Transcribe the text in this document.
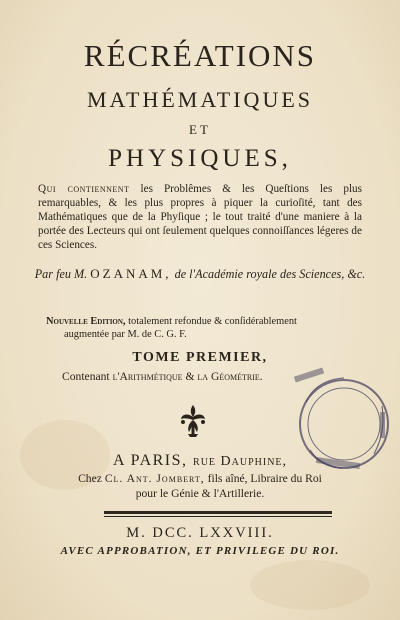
RÉCRÉATIONS
MATHÉMATIQUES
ET
PHYSIQUES,
Qui contiennent les Problêmes & les Queſtions les plus remarquables, & les plus propres à piquer la curioſité, tant des Mathématiques que de la Phyſique ; le tout traité d'une maniere à la portée des Lecteurs qui ont ſeulement quelques connoiſſances légeres de ces Sciences.
Par feu M. OZANAM, de l'Académie royale des Sciences, &c.
Nouvelle Edition, totalement refondue & conſidérablement
augmentée par M. de C. G. F.
TOME PREMIER,
Contenant l'Arithmétique & la Géométrie.
A PARIS, rue Dauphine,
Chez Cl. Ant. Jombert, fils aîné, Libraire du Roi
pour le Génie & l'Artillerie.
M. DCC. LXXVIII.
AVEC APPROBATION, ET PRIVILEGE DU ROI.
